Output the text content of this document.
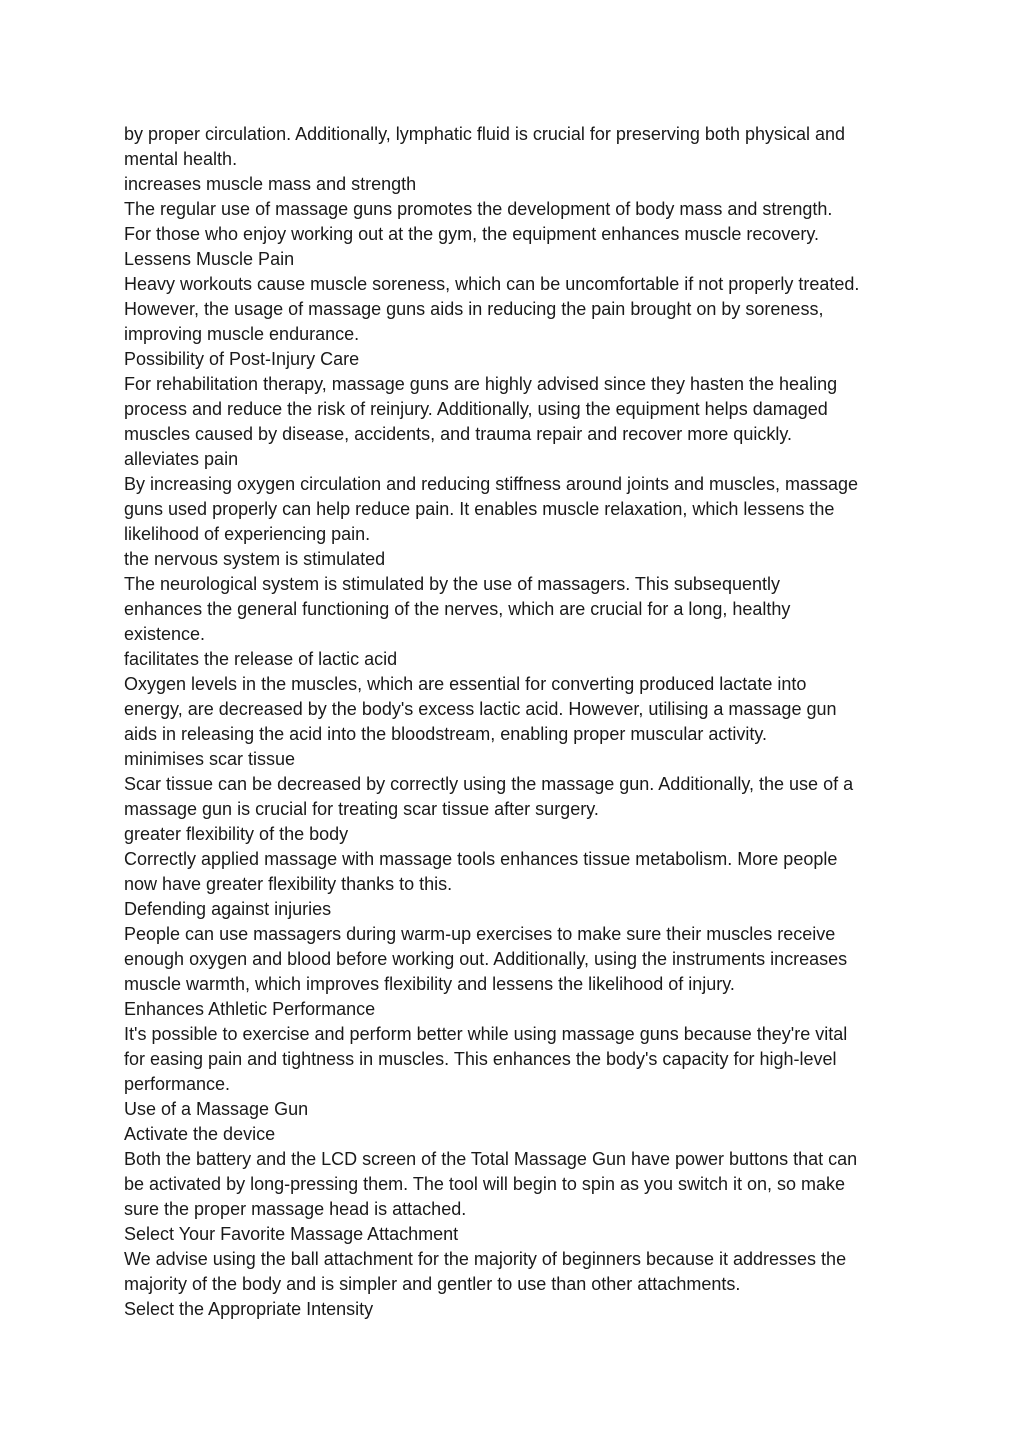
by proper circulation. Additionally, lymphatic fluid is crucial for preserving both physical and
mental health.
increases muscle mass and strength
The regular use of massage guns promotes the development of body mass and strength.
For those who enjoy working out at the gym, the equipment enhances muscle recovery.
Lessens Muscle Pain
Heavy workouts cause muscle soreness, which can be uncomfortable if not properly treated.
However, the usage of massage guns aids in reducing the pain brought on by soreness,
improving muscle endurance.
Possibility of Post-Injury Care
For rehabilitation therapy, massage guns are highly advised since they hasten the healing
process and reduce the risk of reinjury. Additionally, using the equipment helps damaged
muscles caused by disease, accidents, and trauma repair and recover more quickly.
alleviates pain
By increasing oxygen circulation and reducing stiffness around joints and muscles, massage
guns used properly can help reduce pain. It enables muscle relaxation, which lessens the
likelihood of experiencing pain.
the nervous system is stimulated
The neurological system is stimulated by the use of massagers. This subsequently
enhances the general functioning of the nerves, which are crucial for a long, healthy
existence.
facilitates the release of lactic acid
Oxygen levels in the muscles, which are essential for converting produced lactate into
energy, are decreased by the body's excess lactic acid. However, utilising a massage gun
aids in releasing the acid into the bloodstream, enabling proper muscular activity.
minimises scar tissue
Scar tissue can be decreased by correctly using the massage gun. Additionally, the use of a
massage gun is crucial for treating scar tissue after surgery.
greater flexibility of the body
Correctly applied massage with massage tools enhances tissue metabolism. More people
now have greater flexibility thanks to this.
Defending against injuries
People can use massagers during warm-up exercises to make sure their muscles receive
enough oxygen and blood before working out. Additionally, using the instruments increases
muscle warmth, which improves flexibility and lessens the likelihood of injury.
Enhances Athletic Performance
It's possible to exercise and perform better while using massage guns because they're vital
for easing pain and tightness in muscles. This enhances the body's capacity for high-level
performance.
Use of a Massage Gun
Activate the device
Both the battery and the LCD screen of the Total Massage Gun have power buttons that can
be activated by long-pressing them. The tool will begin to spin as you switch it on, so make
sure the proper massage head is attached.
Select Your Favorite Massage Attachment
We advise using the ball attachment for the majority of beginners because it addresses the
majority of the body and is simpler and gentler to use than other attachments.
Select the Appropriate Intensity
